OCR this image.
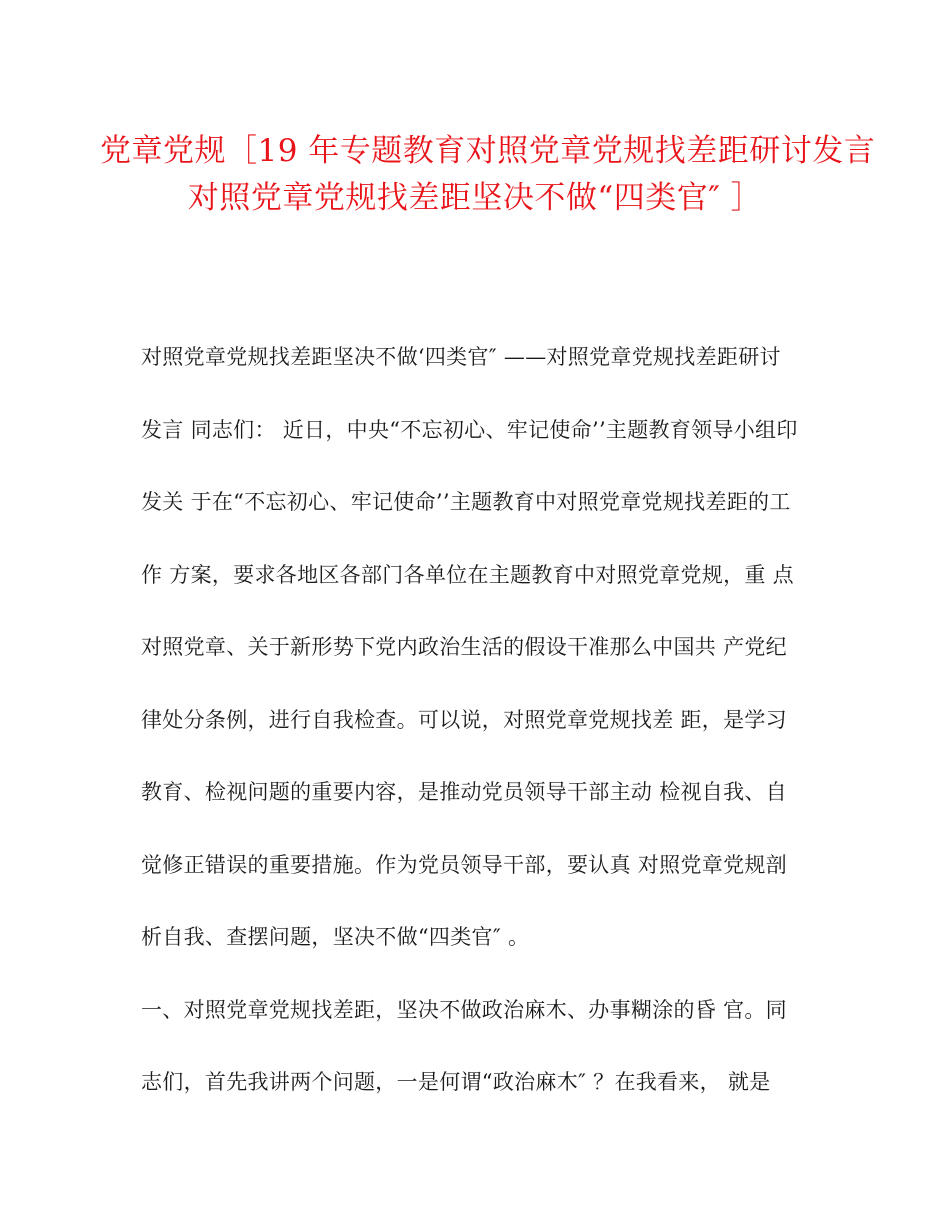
党章党规［19 年专题教育对照党章党规找差距研讨发言
对照党章党规找差距坚决不做“四类官″ ］
对照党章党规找差距坚决不做‘四类官″ ——对照党章党规找差距研讨
发言 同志们： 近日，中央“不忘初心、牢记使命’’主题教育领导小组印
发关 于在“不忘初心、牢记使命’’主题教育中对照党章党规找差距的工
作 方案，要求各地区各部门各单位在主题教育中对照党章党规，重 点
对照党章、关于新形势下党内政治生活的假设干准那么中国共 产党纪
律处分条例，进行自我检查。可以说，对照党章党规找差 距，是学习
教育、检视问题的重要内容，是推动党员领导干部主动 检视自我、自
觉修正错误的重要措施。作为党员领导干部，要认真 对照党章党规剖
析自我、查摆问题，坚决不做“四类官″ 。
一、对照党章党规找差距，坚决不做政治麻木、办事糊涂的昏 官。同
志们，首先我讲两个问题，一是何谓“政治麻木″ ？在我看来， 就是
